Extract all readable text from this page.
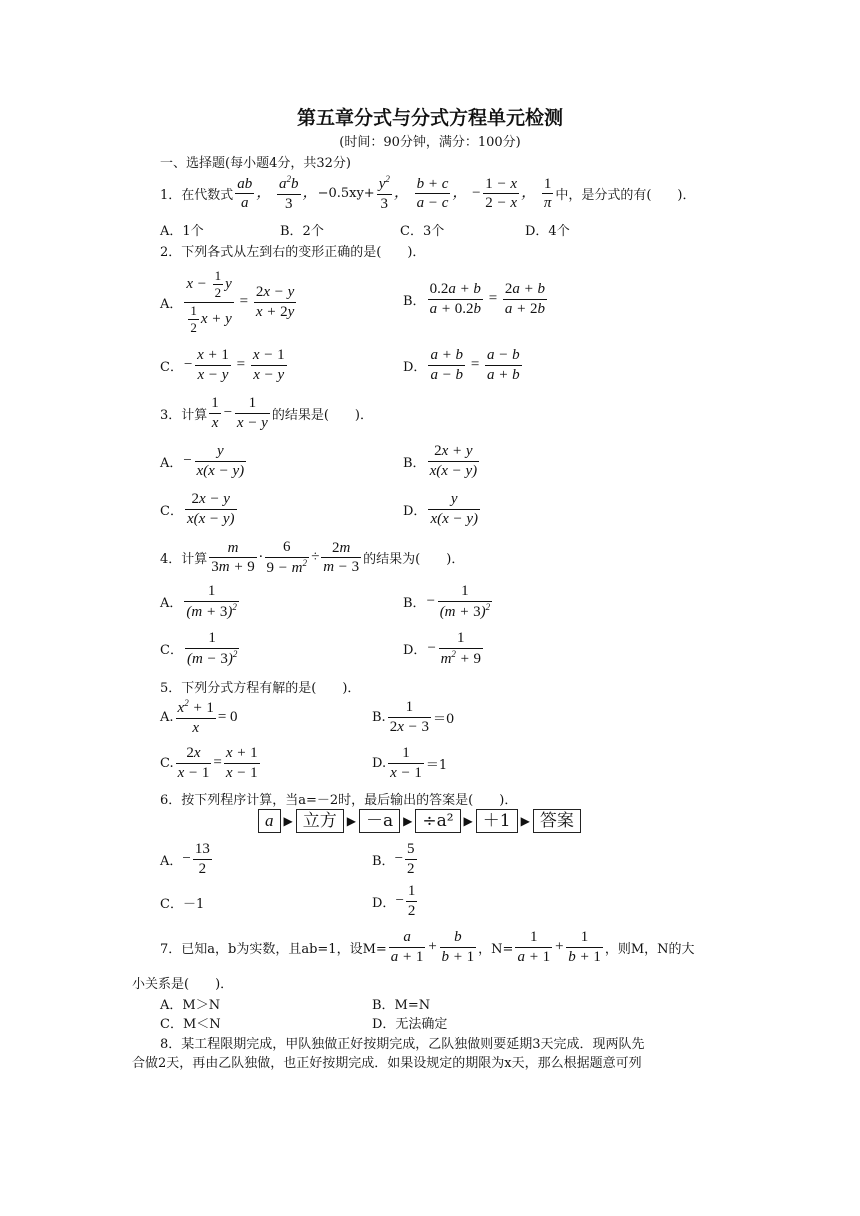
第五章分式与分式方程单元检测
(时间：90分钟，满分：100分)
一、选择题(每小题4分，共32分)
1．在代数式 $\frac{ab}{a}$ ， $\frac{a^2b}{3}$ ， $-0.5xy+ \frac{y^2}{3}$ ， $\frac{b + c}{a - c}$ ， − $\frac{1 - x}{2 - x}$ ， $\frac{1}{\pi}$ 中，是分式的有(　　)．
A．1个	B．2个	C．3个	D．4个
2．下列各式从左到右的变形正确的是(　　)．
A． $\frac{x - \frac{1}{2} y}{\frac{1}{2} x + y} = \frac{2x - y}{x + 2y}$	B． $\frac{0.2a + b}{a + 0.2b} = \frac{2a + b}{a + 2b}$
C． − $\frac{x + 1}{x - y} = \frac{x - 1}{x - y}$	D． $\frac{a + b}{a - b} = \frac{a - b}{a + b}$
3．计算 $\frac{1}{x} - \frac{1}{x - y}$ 的结果是(　　)．
A． − $\frac{y}{x(x - y)}$	B． $\frac{2x + y}{x(x - y)}$
C． $\frac{2x - y}{x(x - y)}$	D． $\frac{y}{x(x - y)}$
4．计算 $\frac{m}{3m + 9} \cdot \frac{6}{9 - m^2} \div \frac{2m}{m - 3}$ 的结果为(　　)．
A． $\frac{1}{(m + 3)^2}$	B． − $\frac{1}{(m + 3)^2}$
C． $\frac{1}{(m - 3)^2}$	D． − $\frac{1}{m^2 + 9}$
5．下列分式方程有解的是(　　)．
A. $\frac{x^2 + 1}{x} = 0$	B. $\frac{1}{2x - 3} =0$
C. $\frac{2x}{x - 1} = \frac{x + 1}{x - 1}$	D. $\frac{1}{x - 1} =1$
6．按下列程序计算，当a=－2时，最后输出的答案是(　　)．
a ▶ 立方 ▶ －a ▶ ÷a² ▶ ＋1 ▶ 答案
A． − $\frac{13}{2}$	B． − $\frac{5}{2}$
C． －1	D． − $\frac{1}{2}$
7．已知a，b为实数，且ab=1，设$M= \frac{a}{a + 1} + \frac{b}{b + 1}$ ，$N= \frac{1}{a + 1} + \frac{1}{b + 1}$ ，则M，N的大
小关系是(　　)．
A．M＞N	B．M=N
C．M＜N	D．无法确定
8．某工程限期完成，甲队独做正好按期完成，乙队独做则要延期3天完成．现两队先
合做2天，再由乙队独做，也正好按期完成．如果设规定的期限为x天，那么根据题意可列
